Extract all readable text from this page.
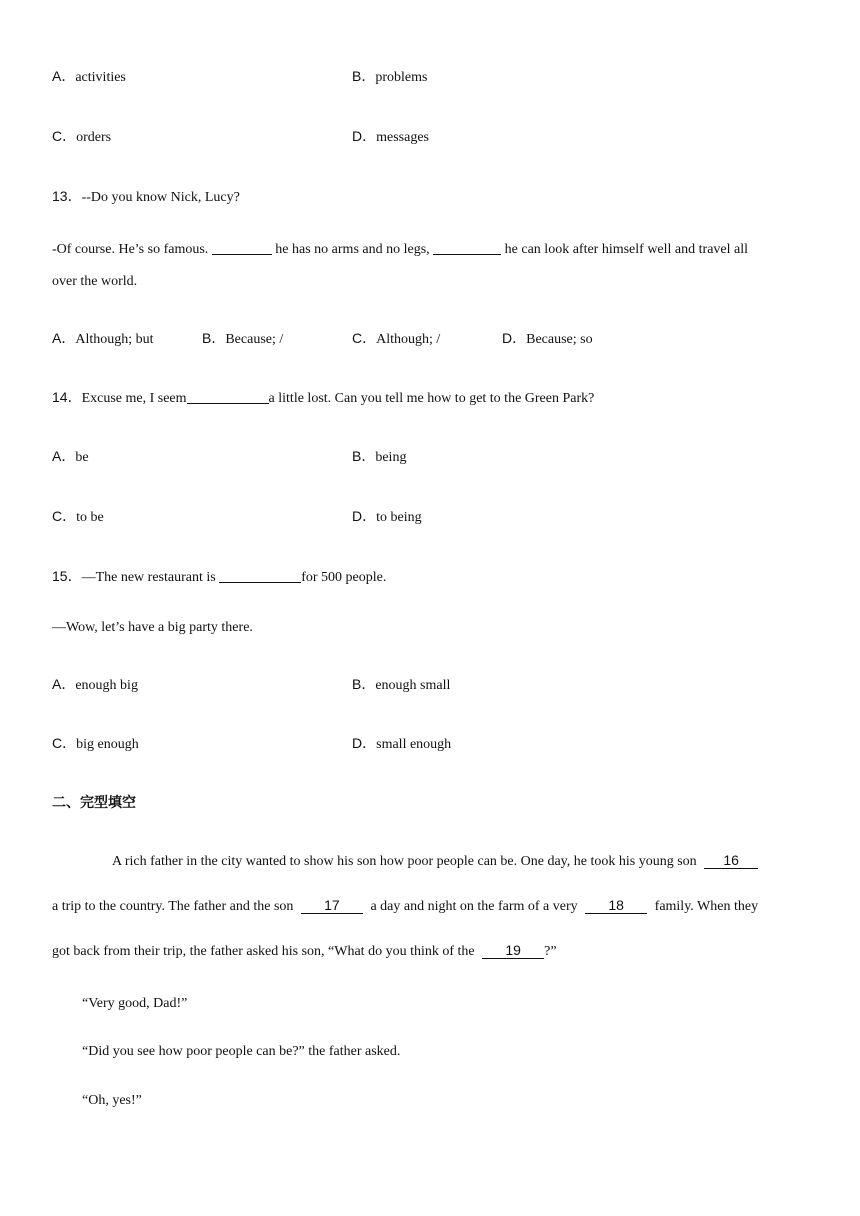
A．activities	B．problems
C．orders	D．messages
13．--Do you know Nick, Lucy?
-Of course. He’s so famous.	he has no arms and no legs,	he can look after himself well and travel all
over the world.
A．Although; but	B．Because; /	C．Although; /	D．Because; so
14．Excuse me, I seem	a little lost. Can you tell me how to get to the Green Park?
A．be	B．being
C．to be	D．to being
15．—The new restaurant is	for 500 people.
—Wow, let’s have a big party there.
A．enough big	B．enough small
C．big enough	D．small enough
二、完型填空
A rich father in the city wanted to show his son how poor people can be. One day, he took his young son 16
a trip to the country. The father and the son 17 a day and night on the farm of a very 18 family. When they
got back from their trip, the father asked his son, “What do you think of the 19 ?”
“Very good, Dad!”
“Did you see how poor people can be?” the father asked.
“Oh, yes!”
